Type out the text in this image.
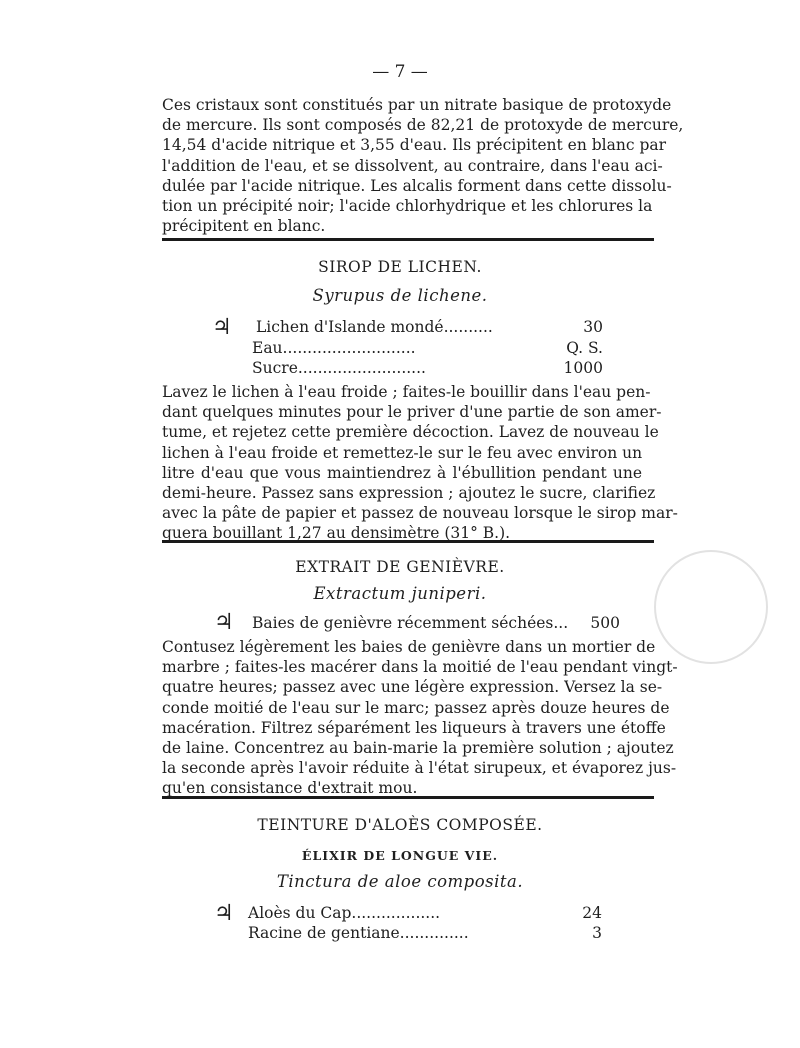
— 7 —
Ces cristaux sont constitués par un nitrate basique de protoxyde
de mercure. Ils sont composés de 82,21 de protoxyde de mercure,
14,54 d'acide nitrique et 3,55 d'eau. Ils précipitent en blanc par
l'addition de l'eau, et se dissolvent, au contraire, dans l'eau aci-
dulée par l'acide nitrique. Les alcalis forment dans cette dissolu-
tion un précipité noir; l'acide chlorhydrique et les chlorures la
précipitent en blanc.
SIROP DE LICHEN.
Syrupus de lichene.
♃ Lichen d'Islande mondé..........	30
Eau...........................	Q. S.
Sucre..........................	1000
Lavez le lichen à l'eau froide ; faites-le bouillir dans l'eau pen-
dant quelques minutes pour le priver d'une partie de son amer-
tume, et rejetez cette première décoction. Lavez de nouveau le
lichen à l'eau froide et remettez-le sur le feu avec environ un
litre d'eau que vous maintiendrez à l'ébullition pendant une
demi-heure. Passez sans expression ; ajoutez le sucre, clarifiez
avec la pâte de papier et passez de nouveau lorsque le sirop mar-
quera bouillant 1,27 au densimètre (31° B.).
EXTRAIT DE GENIÈVRE.
Extractum juniperi.
♃ Baies de genièvre récemment séchées...	500
Contusez légèrement les baies de genièvre dans un mortier de
marbre ; faites-les macérer dans la moitié de l'eau pendant vingt-
quatre heures; passez avec une légère expression. Versez la se-
conde moitié de l'eau sur le marc; passez après douze heures de
macération. Filtrez séparément les liqueurs à travers une étoffe
de laine. Concentrez au bain-marie la première solution ; ajoutez
la seconde après l'avoir réduite à l'état sirupeux, et évaporez jus-
qu'en consistance d'extrait mou.
TEINTURE D'ALOÈS COMPOSÉE.
ÉLIXIR DE LONGUE VIE.
Tinctura de aloe composita.
♃ Aloès du Cap..................	24
Racine de gentiane..............	3
